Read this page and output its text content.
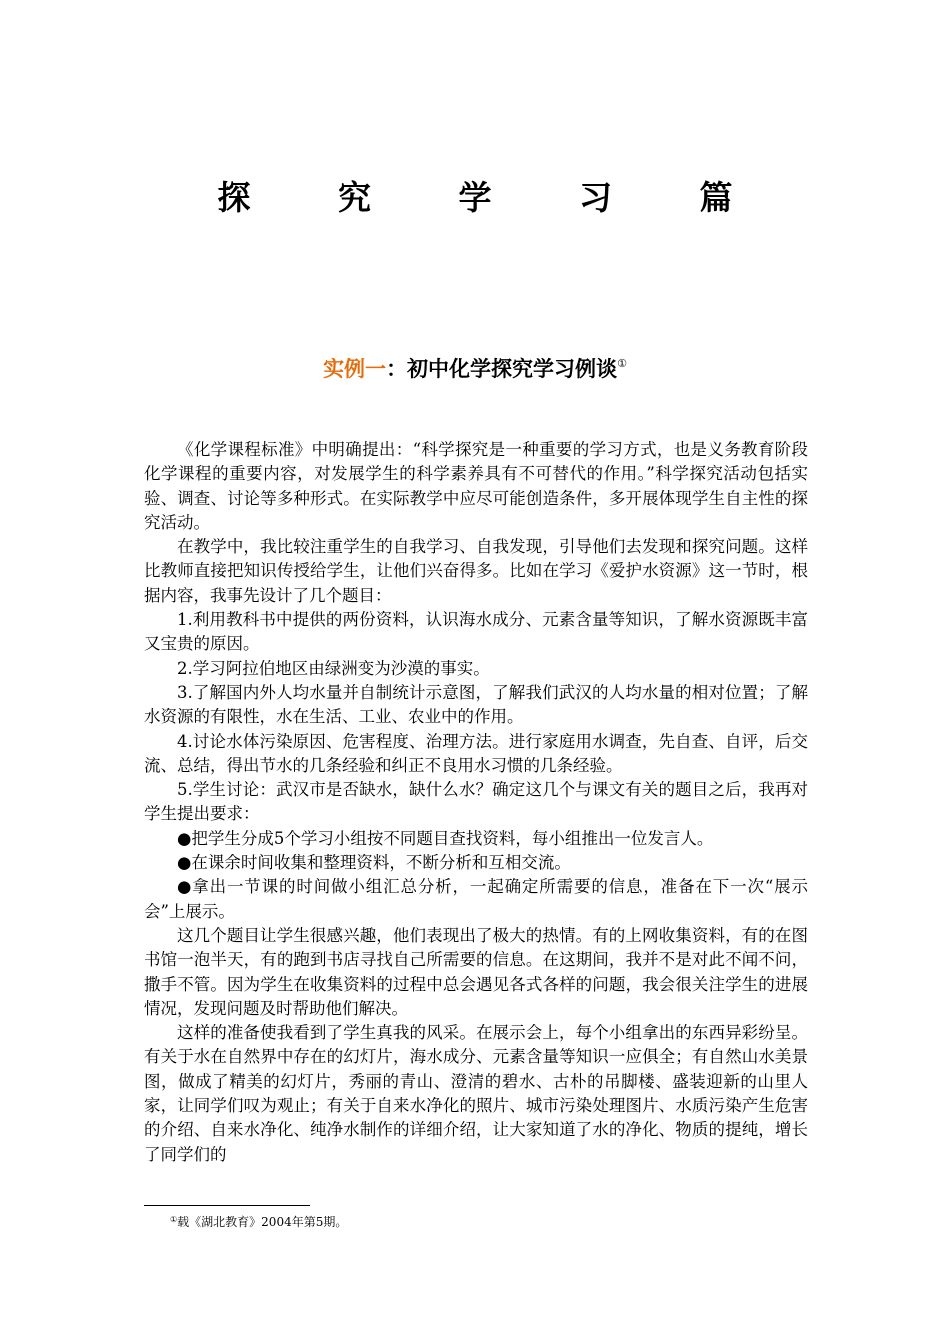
探 究 学 习 篇
实例一：初中化学探究学习例谈①

《化学课程标准》中明确提出：“科学探究是一种重要的学习方式，也是义务教育阶段化学课程的重要内容，对发展学生的科学素养具有不可替代的作用。”科学探究活动包括实验、调查、讨论等多种形式。在实际教学中应尽可能创造条件，多开展体现学生自主性的探究活动。

在教学中，我比较注重学生的自我学习、自我发现，引导他们去发现和探究问题。这样比教师直接把知识传授给学生，让他们兴奋得多。比如在学习《爱护水资源》这一节时，根据内容，我事先设计了几个题目：

1.利用教科书中提供的两份资料，认识海水成分、元素含量等知识，了解水资源既丰富又宝贵的原因。

2.学习阿拉伯地区由绿洲变为沙漠的事实。

3.了解国内外人均水量并自制统计示意图，了解我们武汉的人均水量的相对位置；了解水资源的有限性，水在生活、工业、农业中的作用。

4.讨论水体污染原因、危害程度、治理方法。进行家庭用水调查，先自查、自评，后交流、总结，得出节水的几条经验和纠正不良用水习惯的几条经验。

5.学生讨论：武汉市是否缺水，缺什么水？确定这几个与课文有关的题目之后，我再对学生提出要求：

●把学生分成5个学习小组按不同题目查找资料，每小组推出一位发言人。

●在课余时间收集和整理资料，不断分析和互相交流。

●拿出一节课的时间做小组汇总分析，一起确定所需要的信息，准备在下一次“展示会”上展示。

这几个题目让学生很感兴趣，他们表现出了极大的热情。有的上网收集资料，有的在图书馆一泡半天，有的跑到书店寻找自己所需要的信息。在这期间，我并不是对此不闻不问，撒手不管。因为学生在收集资料的过程中总会遇见各式各样的问题，我会很关注学生的进展情况，发现问题及时帮助他们解决。

这样的准备使我看到了学生真我的风采。在展示会上，每个小组拿出的东西异彩纷呈。有关于水在自然界中存在的幻灯片，海水成分、元素含量等知识一应俱全；有自然山水美景图，做成了精美的幻灯片，秀丽的青山、澄清的碧水、古朴的吊脚楼、盛装迎新的山里人家，让同学们叹为观止；有关于自来水净化的照片、城市污染处理图片、水质污染产生危害的介绍、自来水净化、纯净水制作的详细介绍，让大家知道了水的净化、物质的提纯，增长了同学们的

①载《湖北教育》2004年第5期。
